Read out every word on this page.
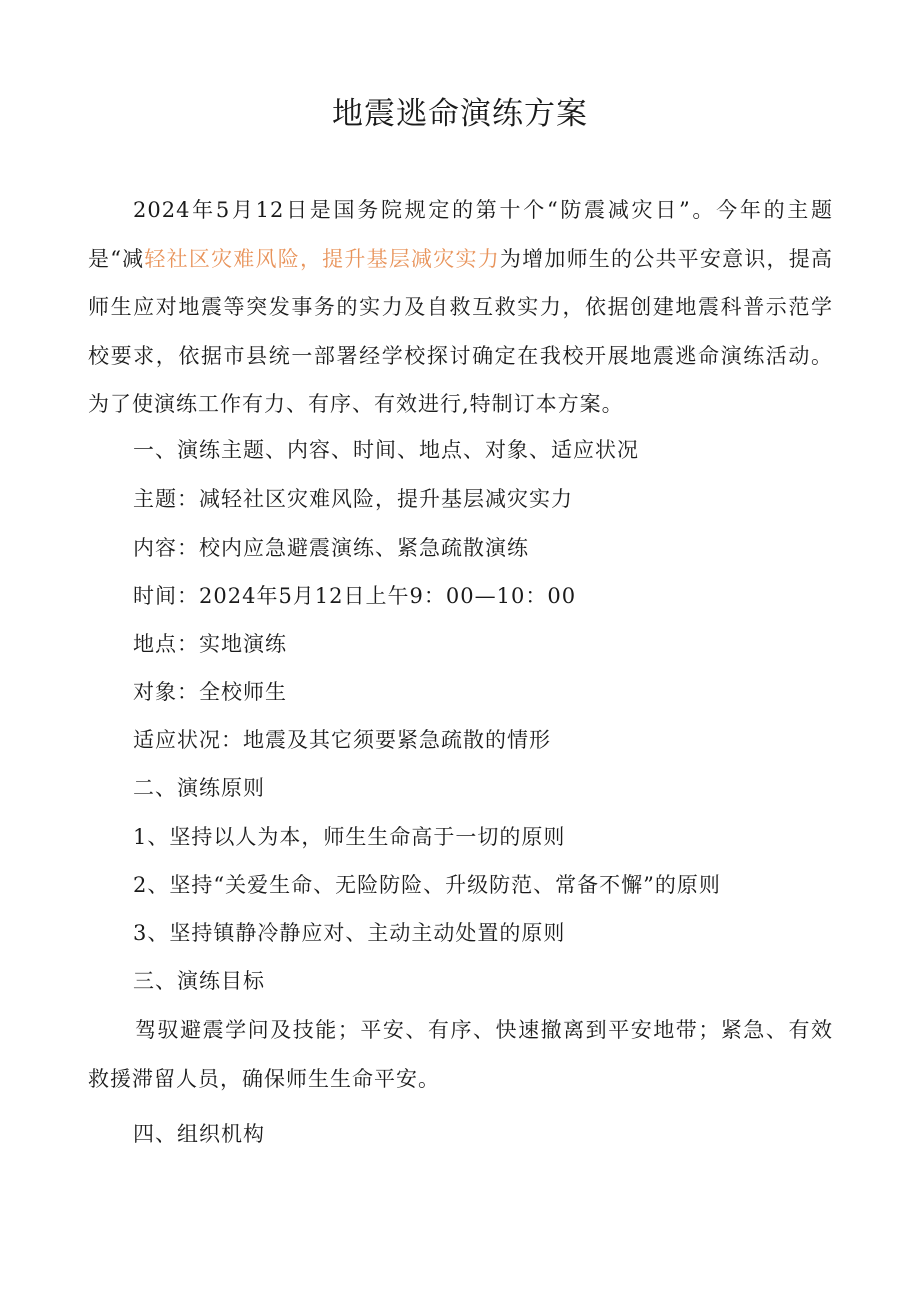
地震逃命演练方案

2024年5月12日是国务院规定的第十个“防震减灾日”。今年的主题是“减轻社区灾难风险，提升基层减灾实力为增加师生的公共平安意识，提高师生应对地震等突发事务的实力及自救互救实力，依据创建地震科普示范学校要求，依据市县统一部署经学校探讨确定在我校开展地震逃命演练活动。为了使演练工作有力、有序、有效进行,特制订本方案。

一、演练主题、内容、时间、地点、对象、适应状况

主题：减轻社区灾难风险，提升基层减灾实力

内容：校内应急避震演练、紧急疏散演练

时间：2024年5月12日上午9：00—10：00

地点：实地演练

对象：全校师生

适应状况：地震及其它须要紧急疏散的情形

二、演练原则

1、坚持以人为本，师生生命高于一切的原则

2、坚持“关爱生命、无险防险、升级防范、常备不懈”的原则

3、坚持镇静冷静应对、主动主动处置的原则

三、演练目标

驾驭避震学问及技能；平安、有序、快速撤离到平安地带；紧急、有效救援滞留人员，确保师生生命平安。

四、组织机构
